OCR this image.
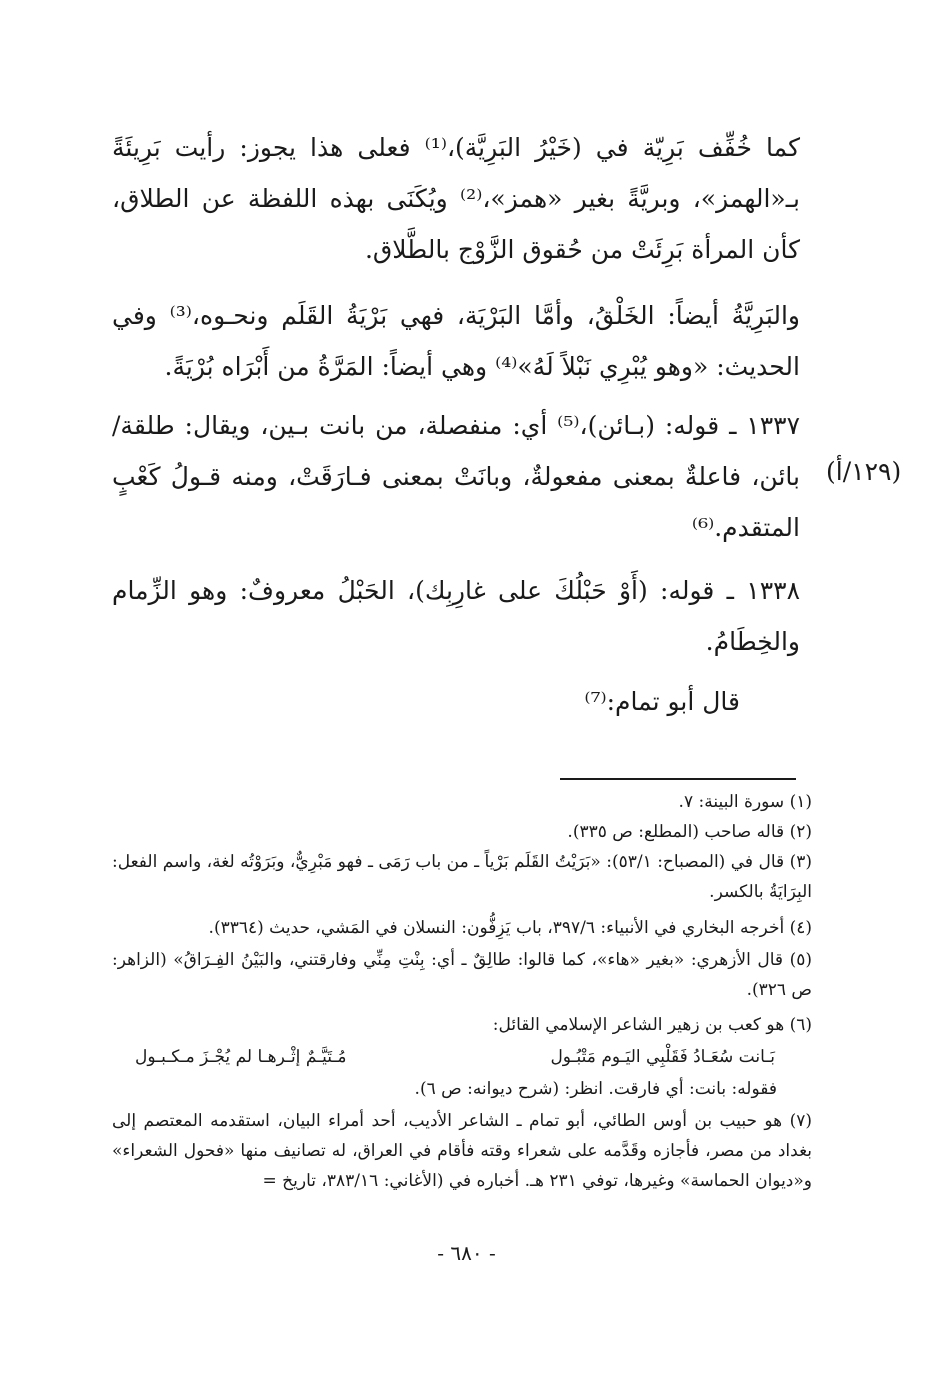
كما خُفِّف بَرِيّة في (خَيْرُ البَرِيَّة)،⁽¹⁾ فعلى هذا يجوز: رأيت بَرِيئَةً بـ«الهمز»، وبريَّةً بغير «همز»،⁽²⁾ ويُكَنَى بهذه اللفظة عن الطلاق، كأن المرأة بَرِئَتْ من حُقوق الزَّوْج بالطَّلاق.

والبَرِيَّةُ أيضاً: الخَلْقُ، وأمَّا البَرْيَة، فهي بَرْيَةُ القَلَم ونحـوه،⁽³⁾ وفي الحديث: «وهو يُبْرِي نَبْلاً لَهُ»⁽⁴⁾ وهي أيضاً: المَرَّةُ من أَبْرَاه بُرْيَةً.

١٣٣٧ ـ قوله: (بـائن)،⁽⁵⁾ أي: منفصلة، من بانت بـين، ويقال: طلقة/ بائن، فاعلةٌ بمعنى مفعولةٌ، وبانَتْ بمعنى فـارَقَتْ، ومنه قـولُ كَعْبٍ المتقدم.⁽⁶⁾

(١٢٩/أ)

١٣٣٨ ـ قوله: (أَوْ حَبْلُكَ على غارِبِك)، الحَبْلُ معروفٌ: وهو الزِّمام والخِطَامُ.

قال أبو تمام:⁽⁷⁾

(١) سورة البينة: ٧.
(٢) قاله صاحب (المطلع: ص ٣٣٥).
(٣) قال في (المصباح: ٥٣/١): «بَرَيْتُ القَلَم بَرْياً ـ من باب رَمَى ـ فهو مَبْرِيٌّ، وبَرَوْتُه لغة، واسم الفعل: البِرَايَةُ بالكسر.
(٤) أخرجه البخاري في الأنبياء: ٣٩٧/٦، باب يَزِفُّون: النسلان في المَشي، حديث (٣٣٦٤).
(٥) قال الأزهري: «بغير «هاء»، كما قالوا: طالِقٌ ـ أي: بِنْتِ مِنِّي وفارقتني، والبَيْنُ الفِـرَاقُ» (الزاهر: ص ٣٢٦).
(٦) هو كعب بن زهير الشاعر الإسلامي القائل:
بَـانت سُعَـادُ فَقَلْبِي اليَـوم مَتْبُـول
مُـتَيَّـمٌ إثْـرهـا لم يُجْـزَ مـكـبـول
فقوله: بانت: أي فارقت. انظر: (شرح ديوانه: ص ٦).
(٧) هو حبيب بن أوس الطائي، أبو تمام ـ الشاعر الأديب، أحد أمراء البيان، استقدمه المعتصم إلى بغداد من مصر، فأجازه وقَدَّمه على شعراء وقته فأقام في العراق، له تصانيف منها «فحول الشعراء» و«ديوان الحماسة» وغيرها، توفي ٢٣١ هـ. أخباره في (الأغاني: ٣٨٣/١٦، تاريخ =
- ٦٨٠ -
